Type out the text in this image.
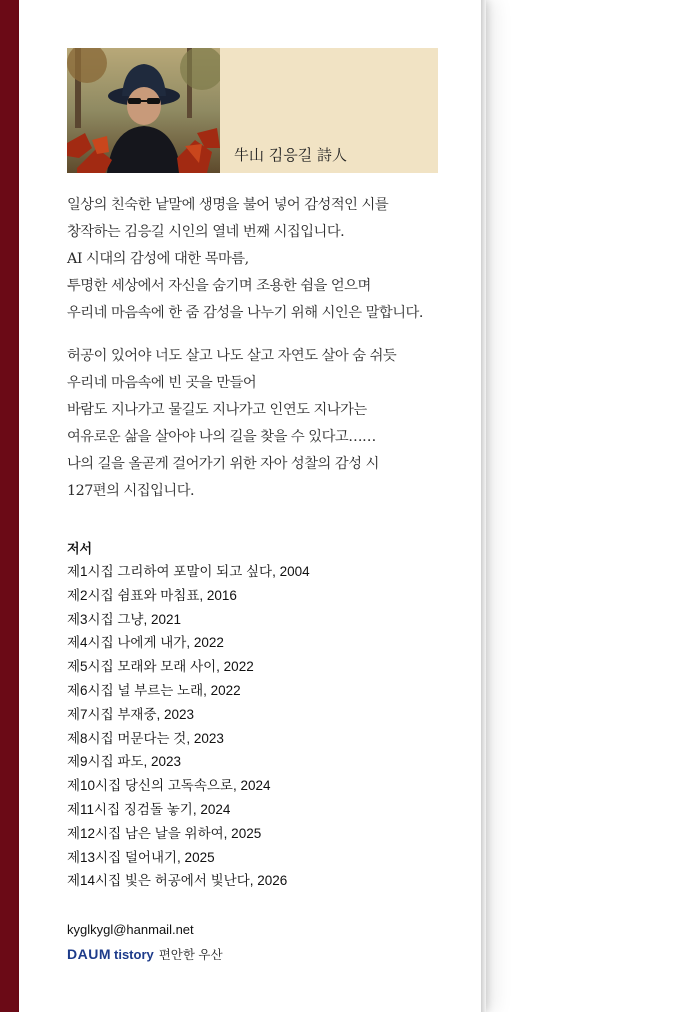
牛山 김응길 詩人
일상의 친숙한 낱말에 생명을 불어 넣어 감성적인 시를
창작하는 김응길 시인의 열네 번째 시집입니다.
AI 시대의 감성에 대한 목마름,
투명한 세상에서 자신을 숨기며 조용한 쉼을 얻으며
우리네 마음속에 한 줌 감성을 나누기 위해 시인은 말합니다.
허공이 있어야 너도 살고 나도 살고 자연도 살아 숨 쉬듯
우리네 마음속에 빈 곳을 만들어
바람도 지나가고 물길도 지나가고 인연도 지나가는
여유로운 삶을 살아야 나의 길을 찾을 수 있다고……
나의 길을 올곧게 걸어가기 위한 자아 성찰의 감성 시
127편의 시집입니다.
저서
제1시집 그리하여 포말이 되고 싶다, 2004
제2시집 쉼표와 마침표, 2016
제3시집 그냥, 2021
제4시집 나에게 내가, 2022
제5시집 모래와 모래 사이, 2022
제6시집 널 부르는 노래, 2022
제7시집 부재중, 2023
제8시집 머문다는 것, 2023
제9시집 파도, 2023
제10시집 당신의 고독속으로, 2024
제11시집 징검돌 놓기, 2024
제12시집 남은 날을 위하여, 2025
제13시집 덜어내기, 2025
제14시집 빛은 허공에서 빛난다, 2026
kyglkygl@hanmail.net
DAUM tistory 편안한 우산
